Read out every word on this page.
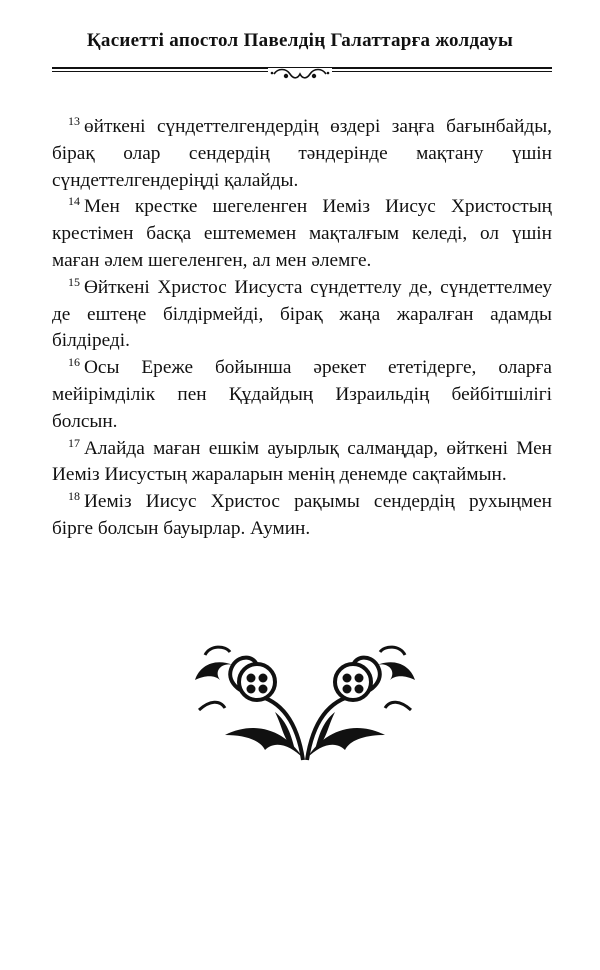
Қасиетті апостол Павелдің Галаттарға жолдауы
$^{13}$ өйткені сүндеттелгендердің өздері заңға бағынбайды,
бірақ олар сендердің тәндерінде мақтану үшін
сүндеттелгендеріңді қалайды.
$^{14}$ Мен крестке шегеленген Иеміз Иисус Христостың
крестімен басқа ештемемен мақталғым келеді, ол үшін
маған әлем шегеленген, ал мен әлемге.
$^{15}$ Өйткені Христос Иисуста сүндеттелу де, сүндеттелмеу
де ештеңе білдірмейді, бірақ жаңа жаралған адамды
білдіреді.
$^{16}$ Осы Ереже бойынша әрекет ететідерге, оларға
мейірімділік пен Құдайдың Израильдің бейбітшілігі
болсын.
$^{17}$ Алайда маған ешкім ауырлық салмаңдар, өйткені Мен
Иеміз Иисустың жараларын менің денемде сақтаймын.
$^{18}$ Иеміз Иисус Христос рақымы сендердің рухыңмен
бірге болсын бауырлар. Аумин.
